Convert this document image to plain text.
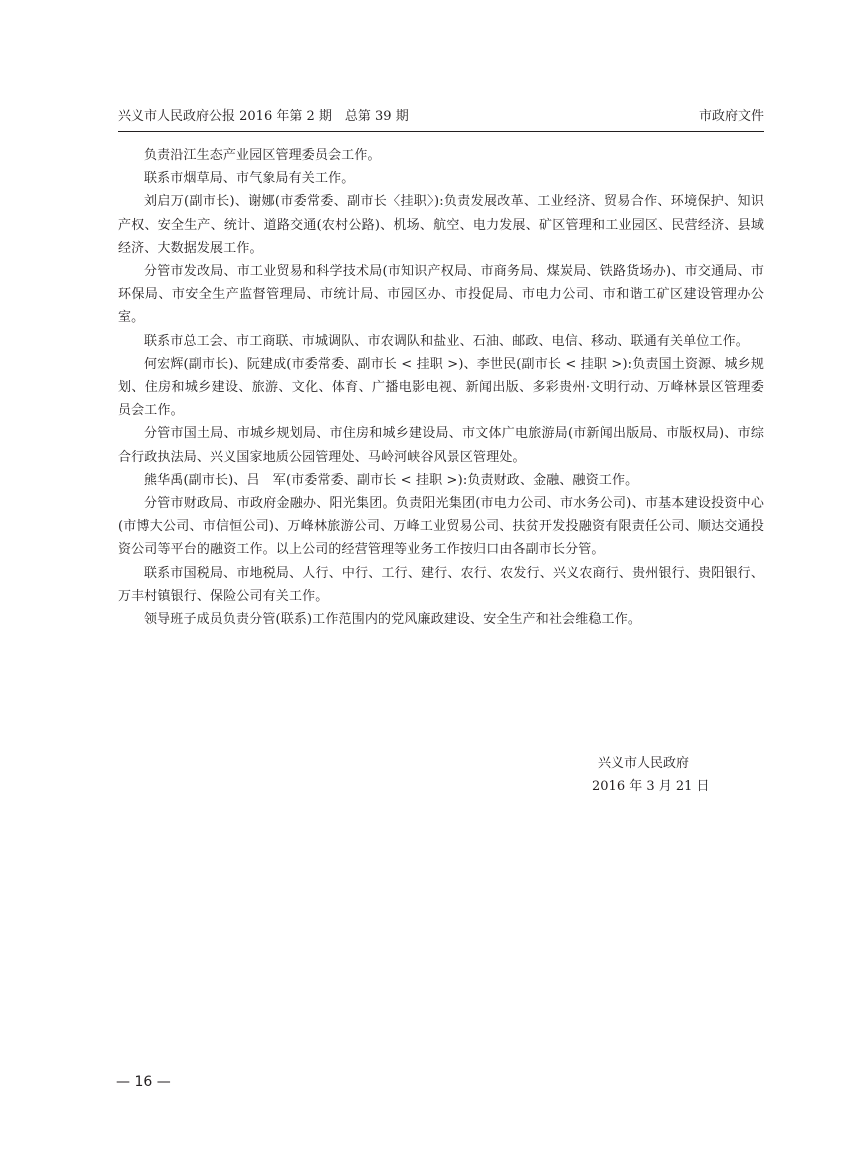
兴义市人民政府公报 2016 年第 2 期　总第 39 期	市政府文件

负责沿江生态产业园区管理委员会工作。

联系市烟草局、市气象局有关工作。

刘启万(副市长)、谢娜(市委常委、副市长〈挂职〉):负责发展改革、工业经济、贸易合作、环境保护、知识产权、安全生产、统计、道路交通(农村公路)、机场、航空、电力发展、矿区管理和工业园区、民营经济、县域经济、大数据发展工作。

分管市发改局、市工业贸易和科学技术局(市知识产权局、市商务局、煤炭局、铁路货场办)、市交通局、市环保局、市安全生产监督管理局、市统计局、市园区办、市投促局、市电力公司、市和谐工矿区建设管理办公室。

联系市总工会、市工商联、市城调队、市农调队和盐业、石油、邮政、电信、移动、联通有关单位工作。

何宏辉(副市长)、阮建成(市委常委、副市长 < 挂职 >)、李世民(副市长 < 挂职 >):负责国土资源、城乡规划、住房和城乡建设、旅游、文化、体育、广播电影电视、新闻出版、多彩贵州·文明行动、万峰林景区管理委员会工作。

分管市国土局、市城乡规划局、市住房和城乡建设局、市文体广电旅游局(市新闻出版局、市版权局)、市综合行政执法局、兴义国家地质公园管理处、马岭河峡谷风景区管理处。

熊华禹(副市长)、吕　军(市委常委、副市长 < 挂职 >):负责财政、金融、融资工作。

分管市财政局、市政府金融办、阳光集团。负责阳光集团(市电力公司、市水务公司)、市基本建设投资中心(市博大公司、市信恒公司)、万峰林旅游公司、万峰工业贸易公司、扶贫开发投融资有限责任公司、顺达交通投资公司等平台的融资工作。以上公司的经营管理等业务工作按归口由各副市长分管。

联系市国税局、市地税局、人行、中行、工行、建行、农行、农发行、兴义农商行、贵州银行、贵阳银行、万丰村镇银行、保险公司有关工作。

领导班子成员负责分管(联系)工作范围内的党风廉政建设、安全生产和社会维稳工作。

兴义市人民政府
2016 年 3 月 21 日
— 16 —
